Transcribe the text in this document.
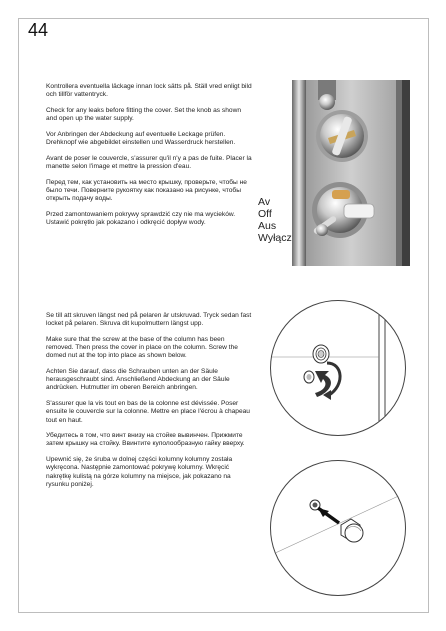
44

Kontrollera eventuella läckage innan lock sätts på. Ställ vred enligt bild och tillför vattentryck.

Check for any leaks before fitting the cover. Set the knob as shown and open up the water supply.

Vor Anbringen der Abdeckung auf eventuelle Leckage prüfen. Drehknopf wie abgebildet einstellen und Wasserdruck herstellen.

Avant de poser le couvercle, s'assurer qu'il n'y a pas de fuite. Placer la manette selon l'image et mettre la pression d'eau.

Перед тем, как установить на место крышку, проверьте, чтобы не было течи. Поверните рукоятку как показано на рисунке, чтобы открыть подачу воды.

Przed zamontowaniem pokrywy sprawdzić czy nie ma wycieków. Ustawić pokrętło jak pokazano i odkręcić dopływ wody.

Av
Off
Aus
Wyłącz

Se till att skruven längst ned på pelaren är utskruvad. Tryck sedan fast locket på pelaren. Skruva dit kupolmuttern längst upp.

Make sure that the screw at the base of the column has been removed. Then press the cover in place on the column. Screw the domed nut at the top into place as shown below.

Achten Sie darauf, dass die Schrauben unten an der Säule herausgeschraubt sind. Anschließend Abdeckung an der Säule andrücken. Hutmutter im oberen Bereich anbringen.

S'assurer que la vis tout en bas de la colonne est dévissée. Poser ensuite le couvercle sur la colonne. Mettre en place l'écrou à chapeau tout en haut.

Убедитесь в том, что винт внизу на стойке вывинчен. Прижмите затем крышку на стойку. Ввинтите куполообразную гайку вверху.

Upewnić się, że śruba w dolnej części kolumny kolumny została wykręcona. Następnie zamontować pokrywę kolumny. Wkręcić nakrętkę kulistą na górze kolumny na miejsce, jak pokazano na rysunku poniżej.
